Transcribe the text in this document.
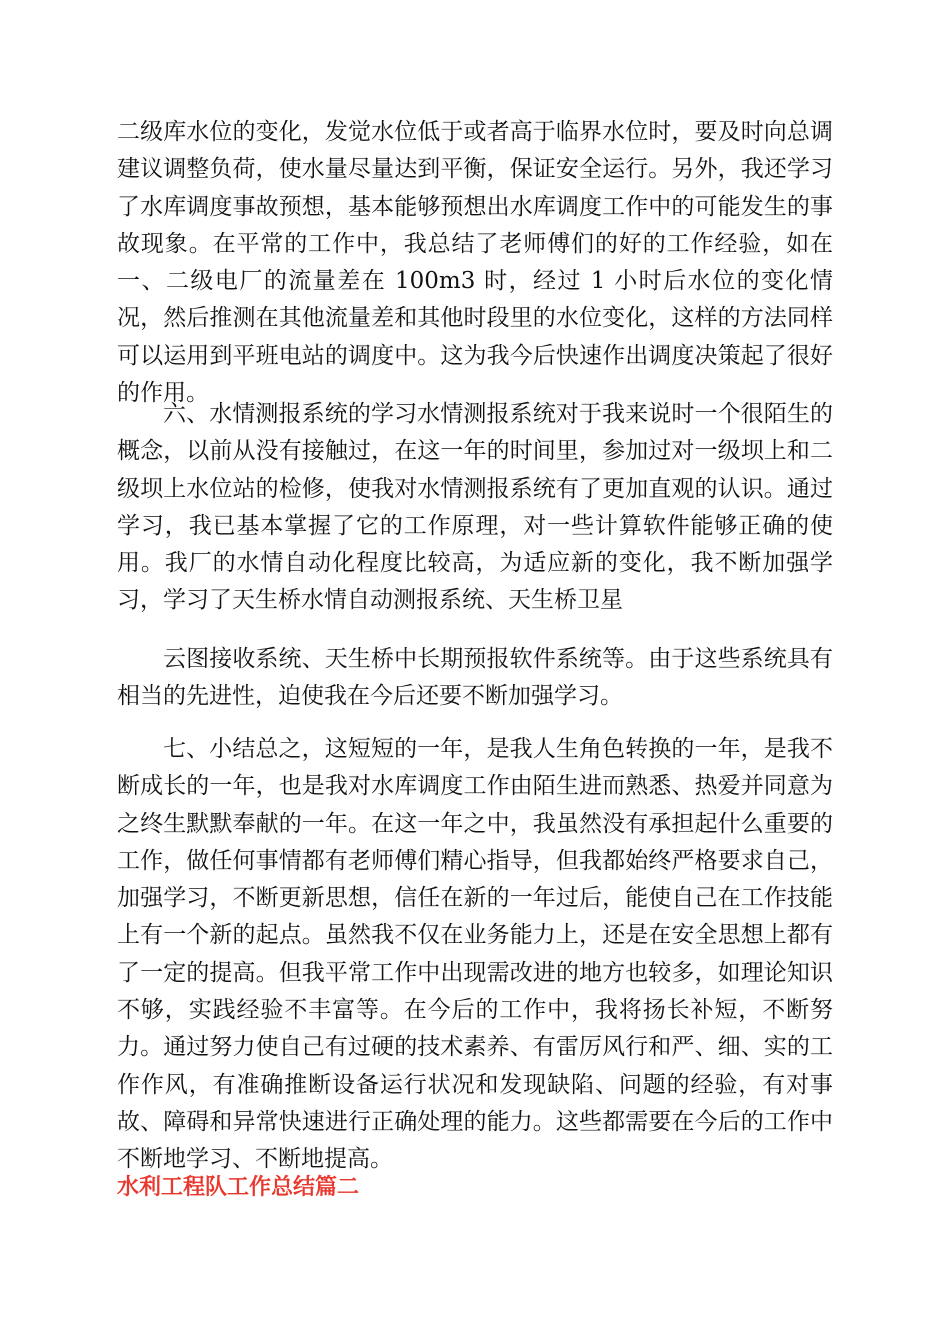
二级库水位的变化，发觉水位低于或者高于临界水位时，要及时向总调建议调整负荷，使水量尽量达到平衡，保证安全运行。另外，我还学习了水库调度事故预想，基本能够预想出水库调度工作中的可能发生的事故现象。在平常的工作中，我总结了老师傅们的好的工作经验，如在一、二级电厂的流量差在 100m3 时，经过 1 小时后水位的变化情况，然后推测在其他流量差和其他时段里的水位变化，这样的方法同样可以运用到平班电站的调度中。这为我今后快速作出调度决策起了很好的作用。

六、水情测报系统的学习水情测报系统对于我来说时一个很陌生的概念，以前从没有接触过，在这一年的时间里，参加过对一级坝上和二级坝上水位站的检修，使我对水情测报系统有了更加直观的认识。通过学习，我已基本掌握了它的工作原理，对一些计算软件能够正确的使用。我厂的水情自动化程度比较高，为适应新的变化，我不断加强学习，学习了天生桥水情自动测报系统、天生桥卫星

云图接收系统、天生桥中长期预报软件系统等。由于这些系统具有相当的先进性，迫使我在今后还要不断加强学习。

七、小结总之，这短短的一年，是我人生角色转换的一年，是我不断成长的一年，也是我对水库调度工作由陌生进而熟悉、热爱并同意为之终生默默奉献的一年。在这一年之中，我虽然没有承担起什么重要的工作，做任何事情都有老师傅们精心指导，但我都始终严格要求自己，加强学习，不断更新思想，信任在新的一年过后，能使自己在工作技能上有一个新的起点。虽然我不仅在业务能力上，还是在安全思想上都有了一定的提高。但我平常工作中出现需改进的地方也较多，如理论知识不够，实践经验不丰富等。在今后的工作中，我将扬长补短，不断努力。通过努力使自己有过硬的技术素养、有雷厉风行和严、细、实的工作作风，有准确推断设备运行状况和发现缺陷、问题的经验，有对事故、障碍和异常快速进行正确处理的能力。这些都需要在今后的工作中不断地学习、不断地提高。

水利工程队工作总结篇二
